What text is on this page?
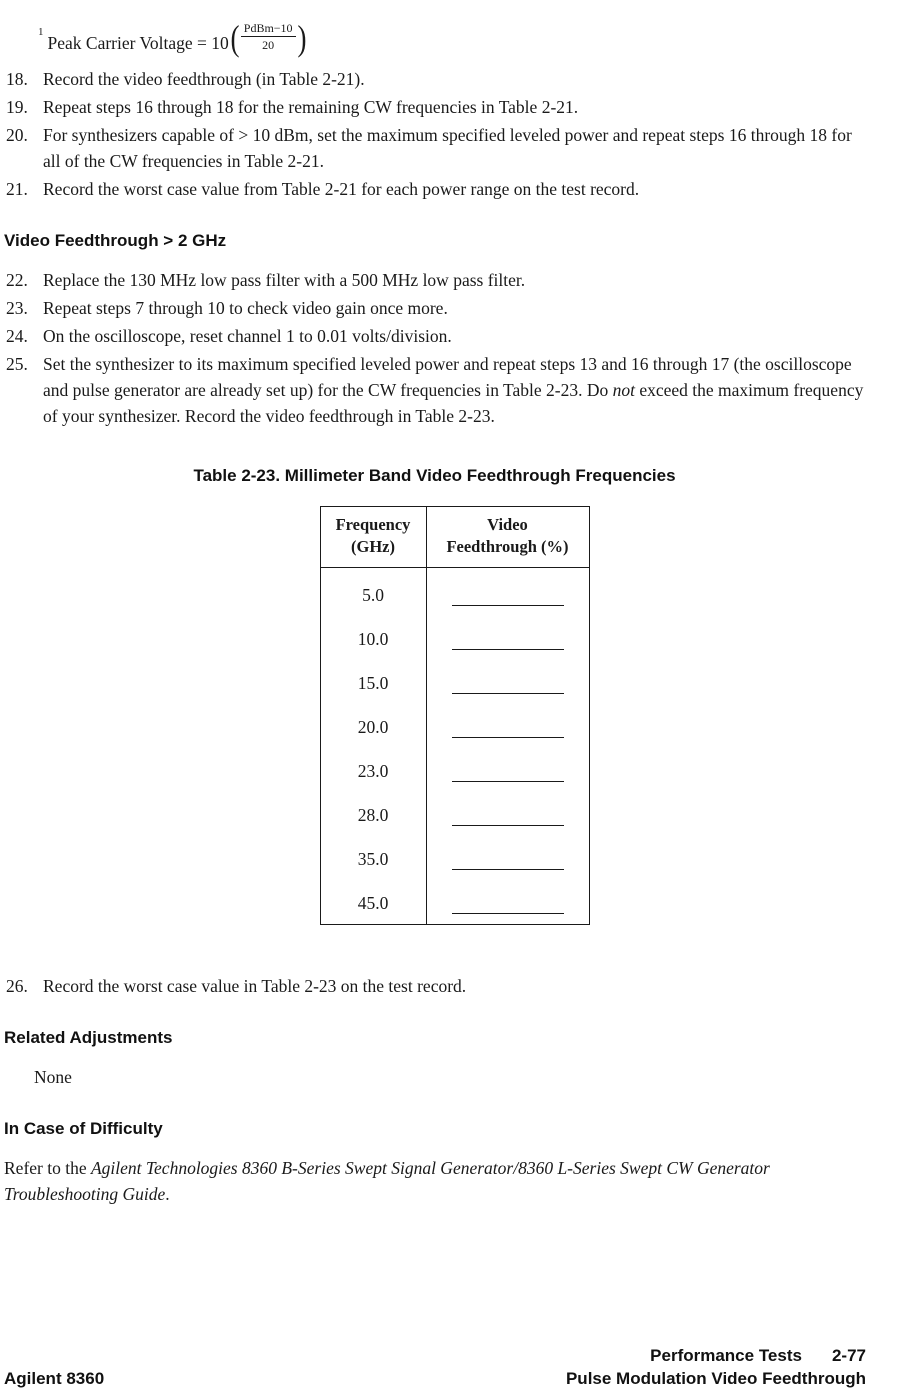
$^1$Peak Carrier Voltage = $10( \frac{\text{PdBm−10}}{20}$ )
18. Record the video feedthrough (in Table 2-21).
19. Repeat steps 16 through 18 for the remaining CW frequencies in Table 2-21.
20. For synthesizers capable of > 10 dBm, set the maximum specified leveled power and repeat steps 16 through 18 for all of the CW frequencies in Table 2-21.
21. Record the worst case value from Table 2-21 for each power range on the test record.
Video Feedthrough > 2 GHz
22. Replace the 130 MHz low pass filter with a 500 MHz low pass filter.
23. Repeat steps 7 through 10 to check video gain once more.
24. On the oscilloscope, reset channel 1 to 0.01 volts/division.
25. Set the synthesizer to its maximum specified leveled power and repeat steps 13 and 16 through 17 (the oscilloscope and pulse generator are already set up) for the CW frequencies in Table 2-23. Do not exceed the maximum frequency of your synthesizer. Record the video feedthrough in Table 2-23.
Table 2-23. Millimeter Band Video Feedthrough Frequencies
Frequency
(GHz)
Video
Feedthrough (%)
5.0
10.0
15.0
20.0
23.0
28.0
35.0
45.0
26. Record the worst case value in Table 2-23 on the test record.
Related Adjustments
None
In Case of Difficulty
Refer to the Agilent Technologies 8360 B-Series Swept Signal Generator/8360 L-Series Swept CW Generator Troubleshooting Guide.
Agilent 8360
Performance Tests 2-77
Pulse Modulation Video Feedthrough
